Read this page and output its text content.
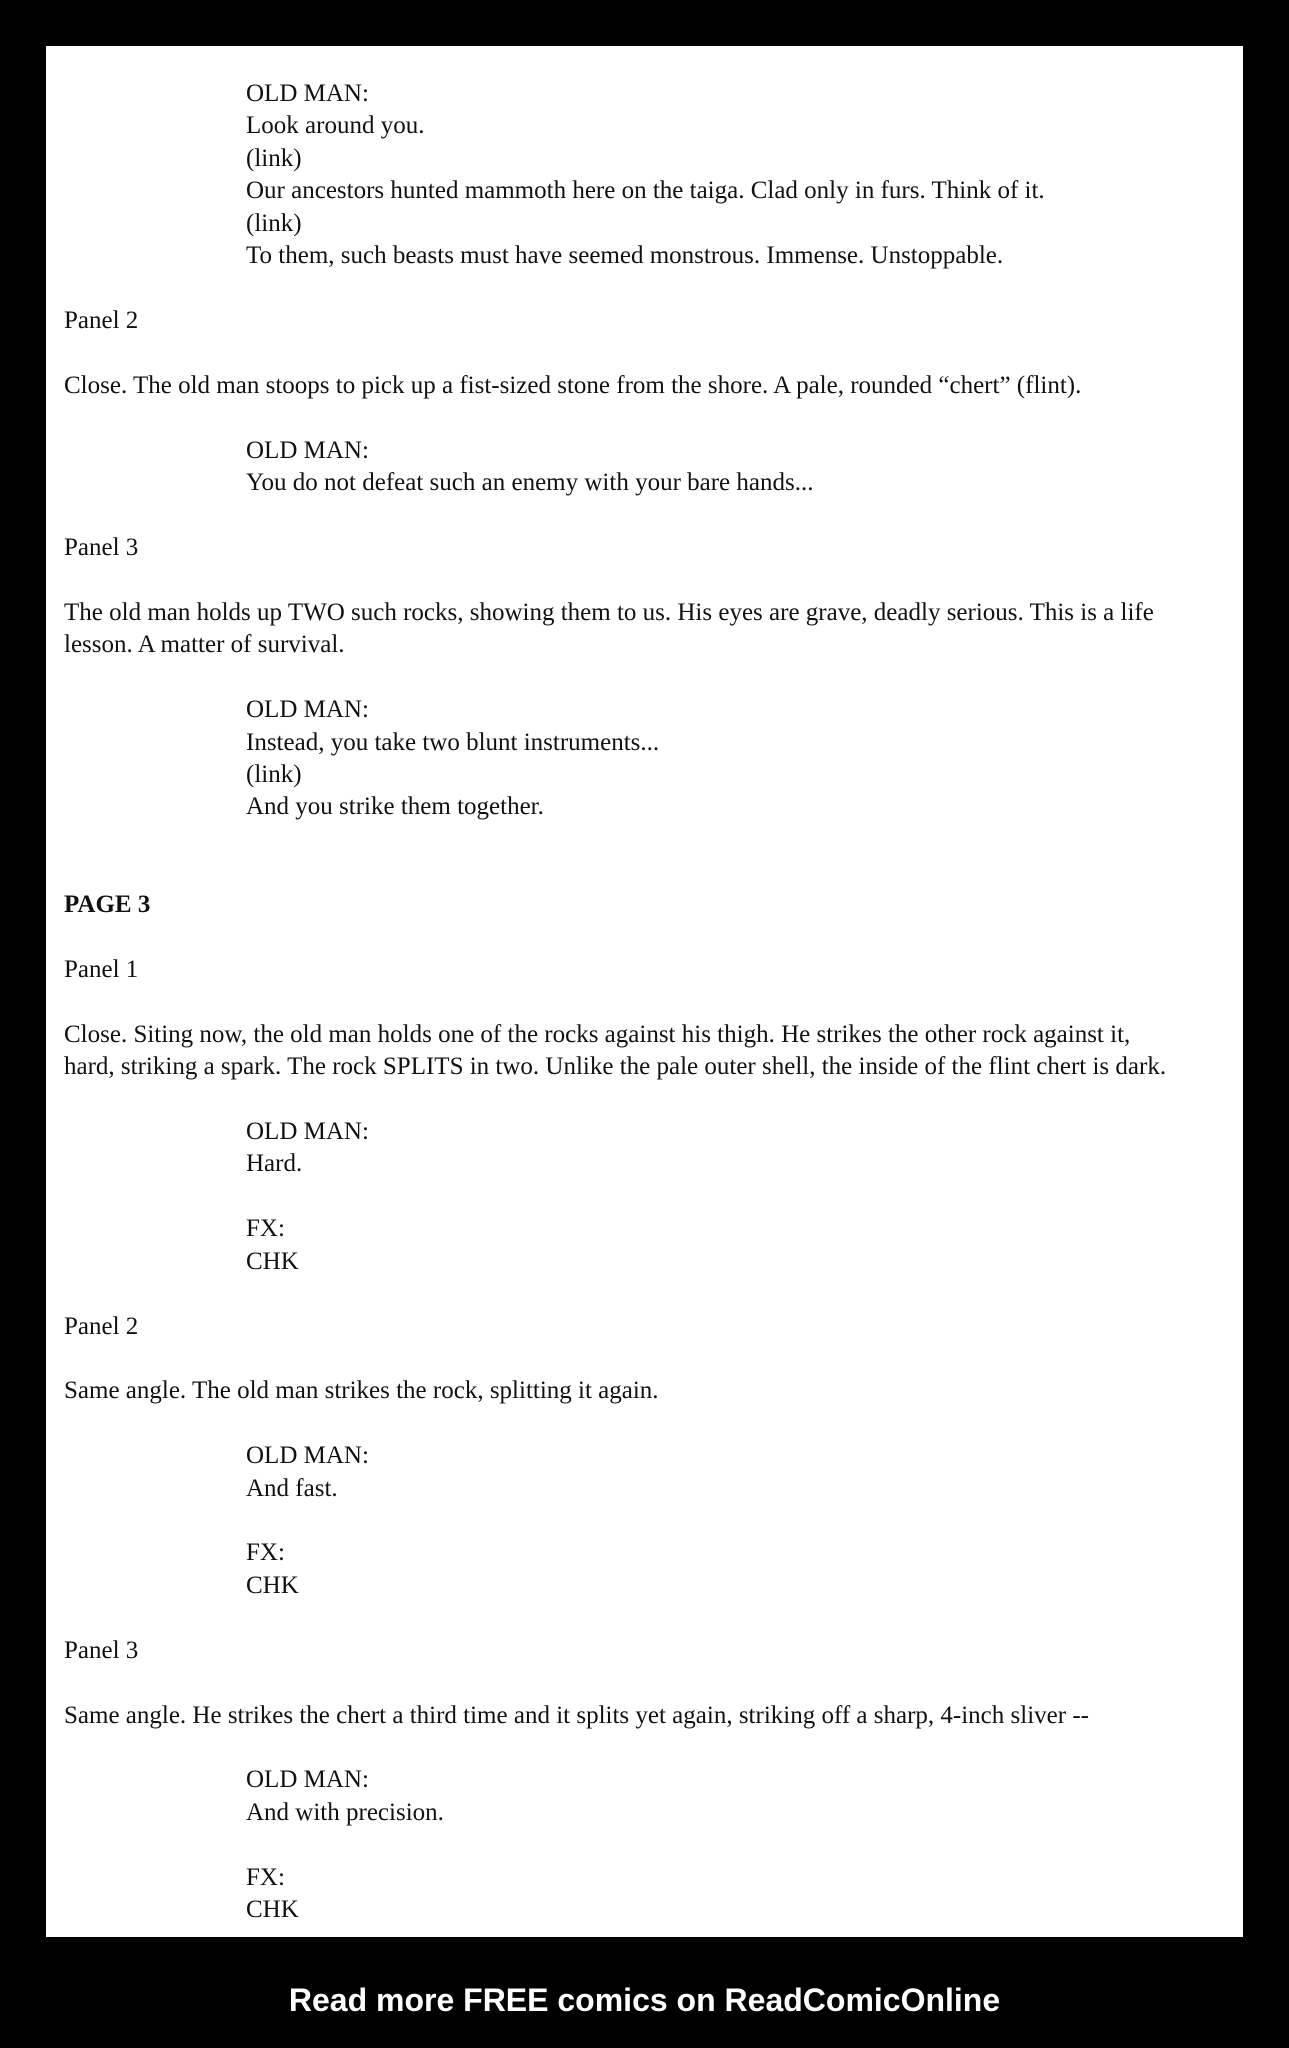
OLD MAN:

Look around you.

(link)

Our ancestors hunted mammoth here on the taiga. Clad only in furs. Think of it.

(link)

To them, such beasts must have seemed monstrous. Immense. Unstoppable.

Panel 2

Close. The old man stoops to pick up a fist-sized stone from the shore. A pale, rounded “chert” (flint).

OLD MAN:

You do not defeat such an enemy with your bare hands...

Panel 3

The old man holds up TWO such rocks, showing them to us. His eyes are grave, deadly serious. This is a life

lesson. A matter of survival.

OLD MAN:

Instead, you take two blunt instruments...

(link)

And you strike them together.

PAGE 3

Panel 1

Close. Siting now, the old man holds one of the rocks against his thigh. He strikes the other rock against it,

hard, striking a spark. The rock SPLITS in two. Unlike the pale outer shell, the inside of the flint chert is dark.

OLD MAN:

Hard.

FX:

CHK

Panel 2

Same angle. The old man strikes the rock, splitting it again.

OLD MAN:

And fast.

FX:

CHK

Panel 3

Same angle. He strikes the chert a third time and it splits yet again, striking off a sharp, 4-inch sliver --

OLD MAN:

And with precision.

FX:

CHK

Read more FREE comics on ReadComicOnline
